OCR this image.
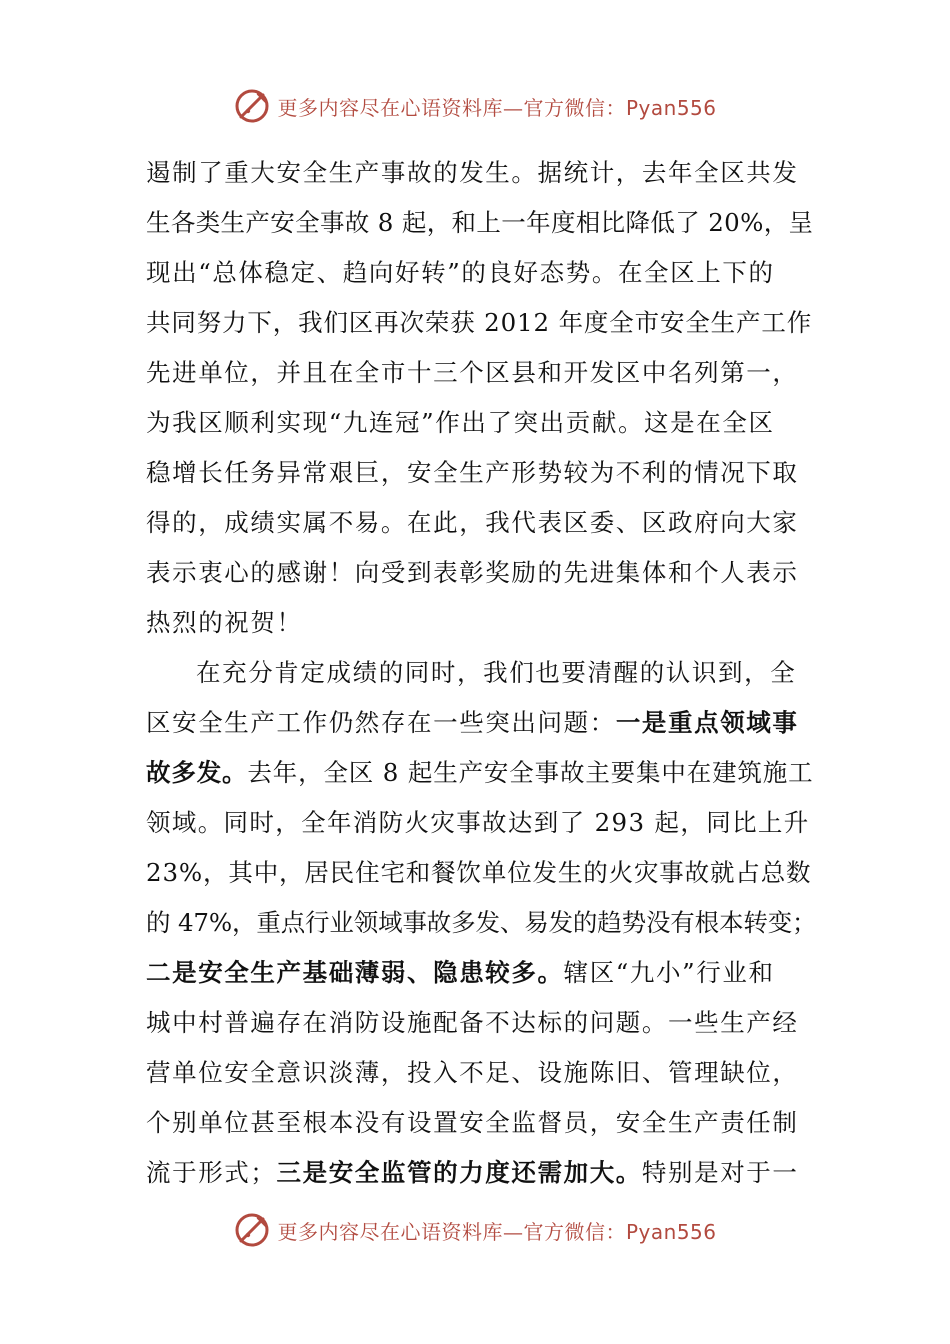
更多内容尽在心语资料库—官方微信：Pyan556
遏制了重大安全生产事故的发生。据统计，去年全区共发
生各类生产安全事故 8 起，和上一年度相比降低了 20%，呈
现出“总体稳定、趋向好转”的良好态势。在全区上下的
共同努力下，我们区再次荣获 2012 年度全市安全生产工作
先进单位，并且在全市十三个区县和开发区中名列第一，
为我区顺利实现“九连冠”作出了突出贡献。这是在全区
稳增长任务异常艰巨，安全生产形势较为不利的情况下取
得的，成绩实属不易。在此，我代表区委、区政府向大家
表示衷心的感谢！向受到表彰奖励的先进集体和个人表示
热烈的祝贺！
在充分肯定成绩的同时，我们也要清醒的认识到，全
区安全生产工作仍然存在一些突出问题：一是重点领域事
故多发。去年，全区 8 起生产安全事故主要集中在建筑施工
领域。同时，全年消防火灾事故达到了 293 起，同比上升
23%，其中，居民住宅和餐饮单位发生的火灾事故就占总数
的 47%，重点行业领域事故多发、易发的趋势没有根本转变；
二是安全生产基础薄弱、隐患较多。辖区“九小”行业和
城中村普遍存在消防设施配备不达标的问题。一些生产经
营单位安全意识淡薄，投入不足、设施陈旧、管理缺位，
个别单位甚至根本没有设置安全监督员，安全生产责任制
流于形式；三是安全监管的力度还需加大。特别是对于一
更多内容尽在心语资料库—官方微信：Pyan556
